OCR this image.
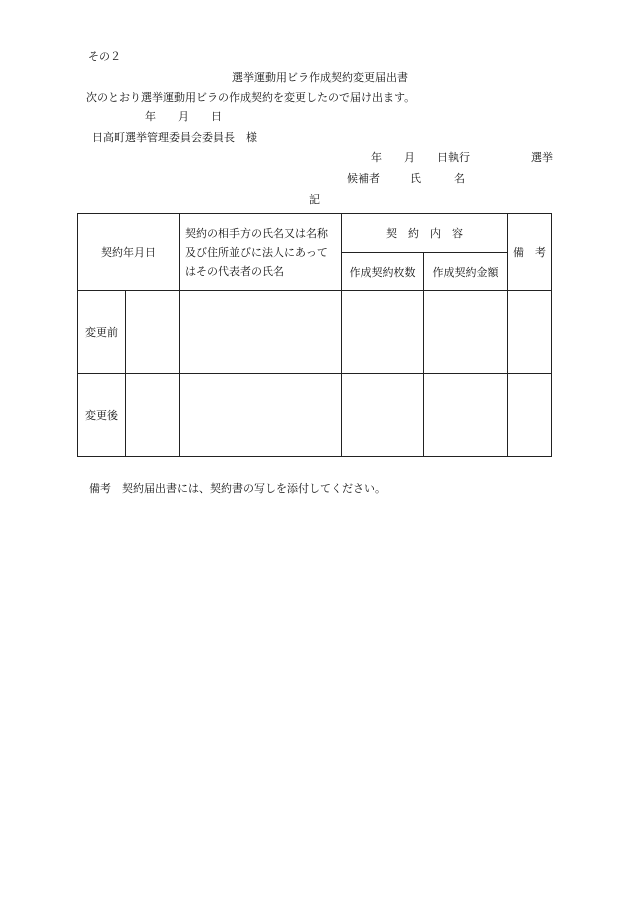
その２
選挙運動用ビラ作成契約変更届出書
次のとおり選挙運動用ビラの作成契約を変更したので届け出ます。
年　　月　　日
日高町選挙管理委員会委員長　様
年　　月　　日執行	選挙
候補者	氏　　　名
記
契約年月日		契約の相手方の氏名又は名称及び住所並びに法人にあってはその代表者の氏名	契　約　内　容		備　考
			作成契約枚数	作成契約金額	
変更前					
変更後					
備考　契約届出書には、契約書の写しを添付してください。
